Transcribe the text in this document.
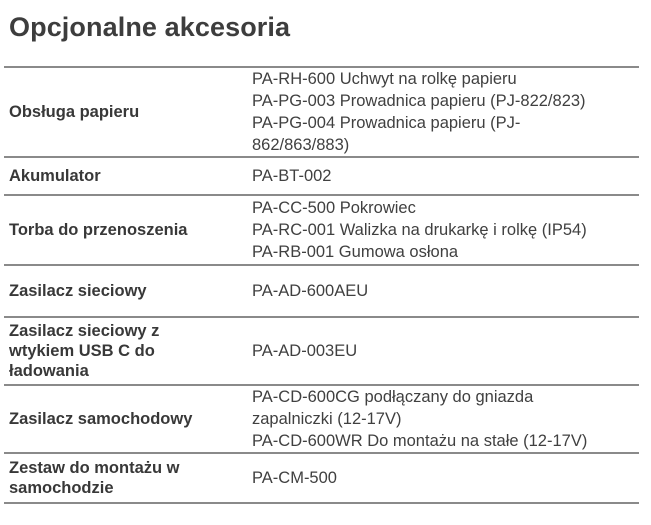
Opcjonalne akcesoria
Obsługa papieru
PA-RH-600 Uchwyt na rolkę papieru
PA-PG-003 Prowadnica papieru (PJ-822/823)
PA-PG-004 Prowadnica papieru (PJ-
862/863/883)
Akumulator	PA-BT-002
Torba do przenoszenia
PA-CC-500 Pokrowiec
PA-RC-001 Walizka na drukarkę i rolkę (IP54)
PA-RB-001 Gumowa osłona
Zasilacz sieciowy	PA-AD-600AEU
Zasilacz sieciowy z
wtykiem USB C do
ładowania
PA-AD-003EU
Zasilacz samochodowy
PA-CD-600CG podłączany do gniazda
zapalniczki (12-17V)
PA-CD-600WR Do montażu na stałe (12-17V)
Zestaw do montażu w
samochodzie
PA-CM-500
